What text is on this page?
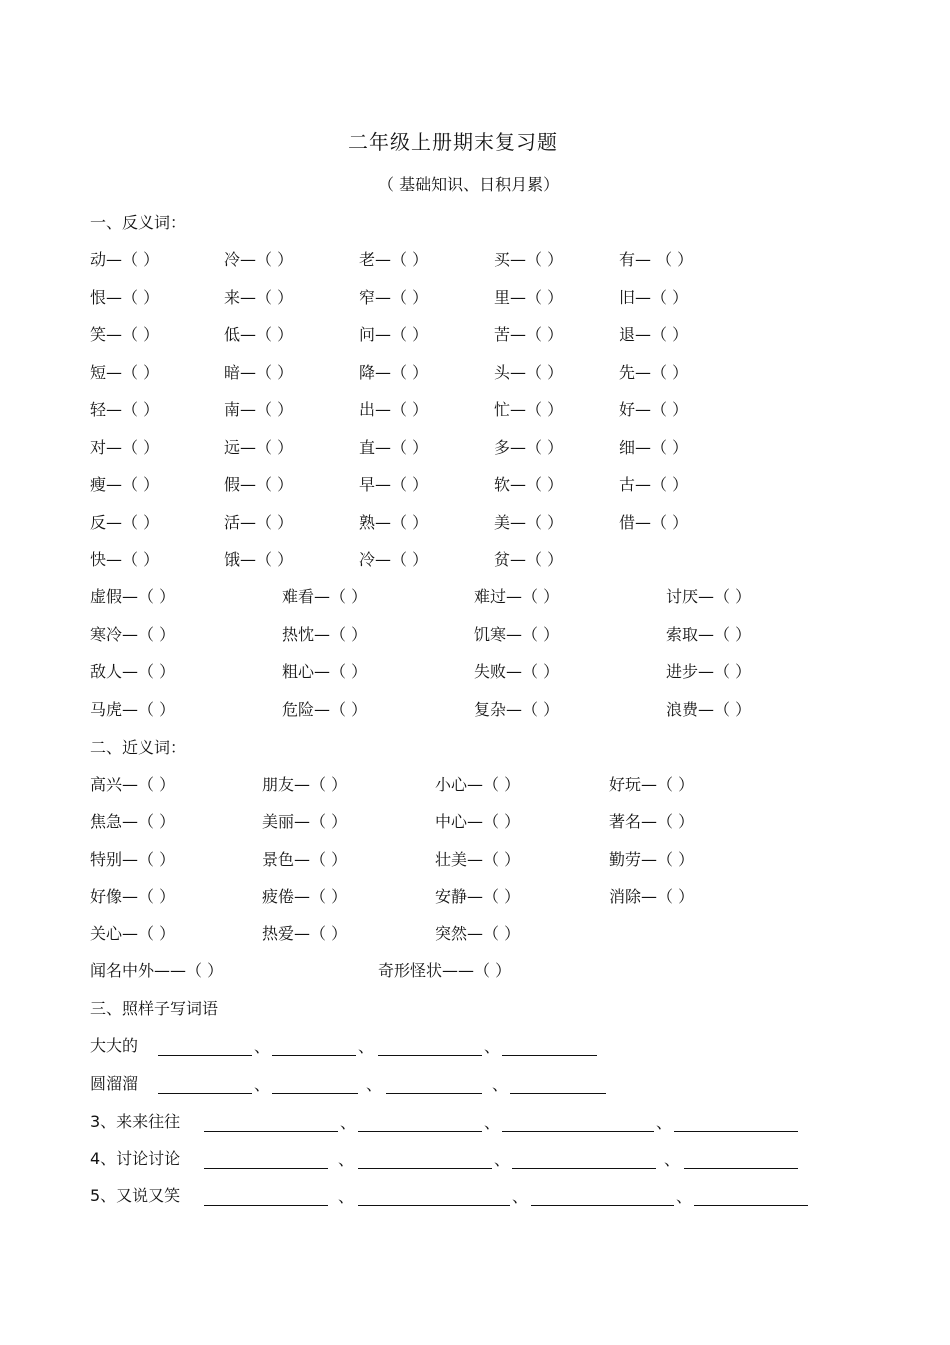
二年级上册期末复习题
（ 基础知识、日积月累）
一、反义词：
动—（ ）	冷—（ ）	老—（ ）	买—（ ）	有— （ ）
恨—（ ）	来—（ ）	窄—（ ）	里—（ ）	旧—（ ）
笑—（ ）	低—（ ）	问—（ ）	苦—（ ）	退—（ ）
短—（ ）	暗—（ ）	降—（ ）	头—（ ）	先—（ ）
轻—（ ）	南—（ ）	出—（ ）	忙—（ ）	好—（ ）
对—（ ）	远—（ ）	直—（ ）	多—（ ）	细—（ ）
瘦—（ ）	假—（ ）	早—（ ）	软—（ ）	古—（ ）
反—（ ）	活—（ ）	熟—（ ）	美—（ ）	借—（ ）
快—（ ）	饿—（ ）	冷—（ ）	贫—（ ）
虚假—（ ）	难看—（ ）	难过—（ ）	讨厌—（ ）
寒冷—（ ）	热忱—（ ）	饥寒—（ ）	索取—（ ）
敌人—（ ）	粗心—（ ）	失败—（ ）	进步—（ ）
马虎—（ ）	危险—（ ）	复杂—（ ）	浪费—（ ）
二、近义词：
高兴—（ ）	朋友—（ ）	小心—（ ）	好玩—（ ）
焦急—（ ）	美丽—（ ）	中心—（ ）	著名—（ ）
特别—（ ）	景色—（ ）	壮美—（ ）	勤劳—（ ）
好像—（ ）	疲倦—（ ）	安静—（ ）	消除—（ ）
关心—（ ）	热爱—（ ）	突然—（ ）
闻名中外——（ ）	奇形怪状——（ ）
三、照样子写词语
大大的	、	、	、
圆溜溜	、	、	、
3、来来往往	、	、	、
4、讨论讨论	、	、	、
5、又说又笑	、	、	、
